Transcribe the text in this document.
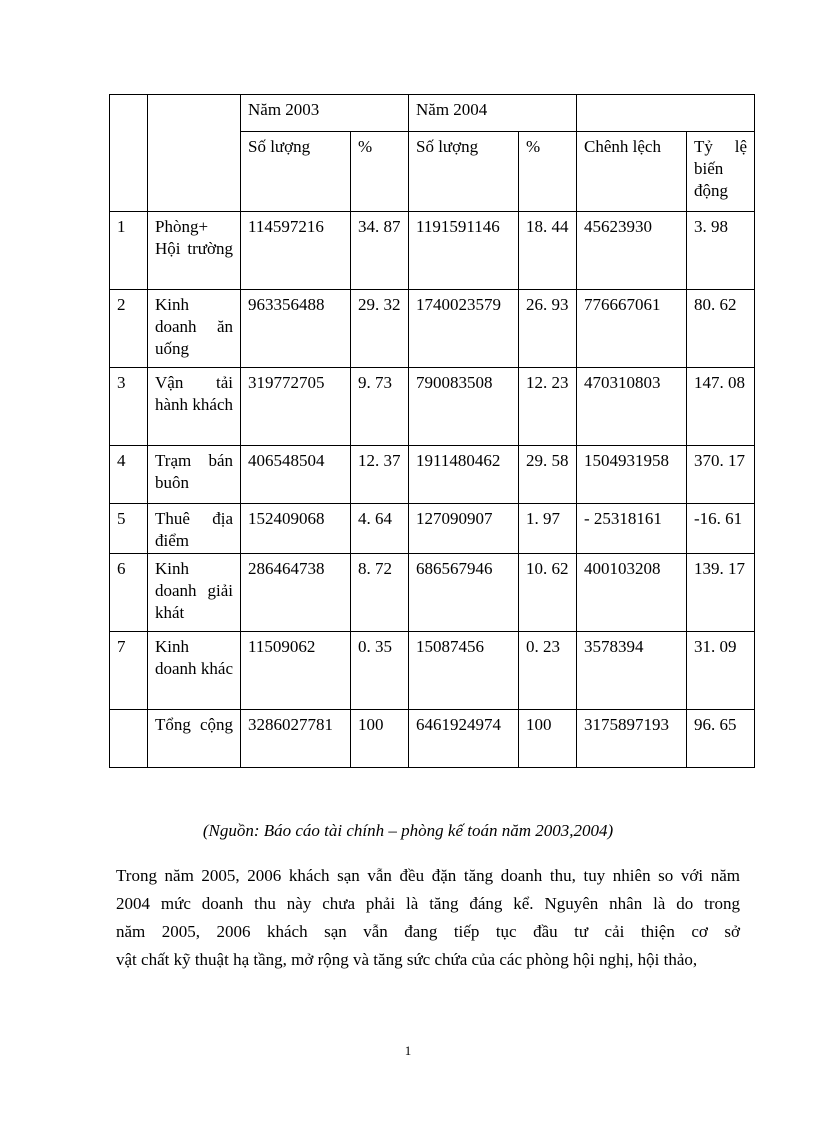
		Năm 2003		Năm 2004			
		Số lượng	%	Số lượng	%	Chênh lệch	Tỷ lệ biến động
1	Phòng+ Hội trường	114597216	34. 87	1191591146	18. 44	45623930	3. 98
2	Kinh doanh ăn uống	963356488	29. 32	1740023579	26. 93	776667061	80. 62
3	Vận tải hành khách	319772705	9. 73	790083508	12. 23	470310803	147. 08
4	Trạm bán buôn	406548504	12. 37	1911480462	29. 58	1504931958	370. 17
5	Thuê địa điểm	152409068	4. 64	127090907	1. 97	- 25318161	-16. 61
6	Kinh doanh giải khát	286464738	8. 72	686567946	10. 62	400103208	139. 17
7	Kinh doanh khác	11509062	0. 35	15087456	0. 23	3578394	31. 09
	Tổng cộng	3286027781	100	6461924974	100	3175897193	96. 65
(Nguồn: Báo cáo tài chính – phòng kế toán năm 2003,2004)
Trong năm 2005, 2006 khách sạn vẫn đều đặn tăng doanh thu, tuy nhiên so với năm
2004 mức doanh thu này chưa phải là tăng đáng kể. Nguyên nhân là do trong
năm 2005, 2006 khách sạn vẫn đang tiếp tục đầu tư cải thiện cơ sở
vật chất kỹ thuật hạ tầng, mở rộng và tăng sức chứa của các phòng hội nghị, hội thảo,
1
